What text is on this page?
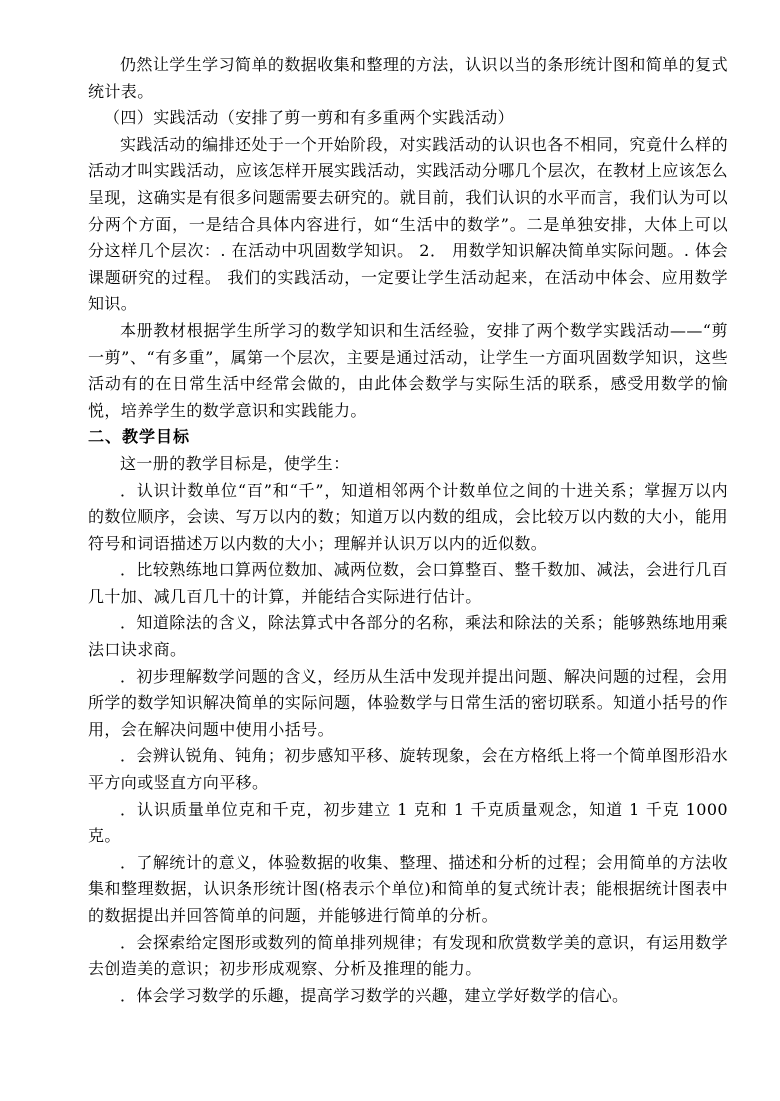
仍然让学生学习简单的数据收集和整理的方法，认识以当的条形统计图和简单的复式统计表。

（四）实践活动（安排了剪一剪和有多重两个实践活动）

实践活动的编排还处于一个开始阶段，对实践活动的认识也各不相同，究竟什么样的活动才叫实践活动，应该怎样开展实践活动，实践活动分哪几个层次，在教材上应该怎么呈现，这确实是有很多问题需要去研究的。就目前，我们认识的水平而言，我们认为可以分两个方面，一是结合具体内容进行，如“生活中的数学”。二是单独安排，大体上可以分这样几个层次：. 在活动中巩固数学知识。 2． 用数学知识解决简单实际问题。. 体会课题研究的过程。 我们的实践活动，一定要让学生活动起来，在活动中体会、应用数学知识。

本册教材根据学生所学习的数学知识和生活经验，安排了两个数学实践活动——“剪一剪”、“有多重”，属第一个层次，主要是通过活动，让学生一方面巩固数学知识，这些活动有的在日常生活中经常会做的，由此体会数学与实际生活的联系，感受用数学的愉悦，培养学生的数学意识和实践能力。

二、教学目标

这一册的教学目标是，使学生：

．认识计数单位“百”和“千”，知道相邻两个计数单位之间的十进关系；掌握万以内的数位顺序，会读、写万以内的数；知道万以内数的组成，会比较万以内数的大小，能用符号和词语描述万以内数的大小；理解并认识万以内的近似数。

．比较熟练地口算两位数加、减两位数，会口算整百、整千数加、减法，会进行几百几十加、减几百几十的计算，并能结合实际进行估计。

．知道除法的含义，除法算式中各部分的名称，乘法和除法的关系；能够熟练地用乘法口诀求商。

．初步理解数学问题的含义，经历从生活中发现并提出问题、解决问题的过程，会用所学的数学知识解决简单的实际问题，体验数学与日常生活的密切联系。知道小括号的作用，会在解决问题中使用小括号。

．会辨认锐角、钝角；初步感知平移、旋转现象，会在方格纸上将一个简单图形沿水平方向或竖直方向平移。

．认识质量单位克和千克，初步建立 1 克和 1 千克质量观念，知道 1 千克 1000 克。

．了解统计的意义，体验数据的收集、整理、描述和分析的过程；会用简单的方法收集和整理数据，认识条形统计图(格表示个单位)和简单的复式统计表；能根据统计图表中的数据提出并回答简单的问题，并能够进行简单的分析。

．会探索给定图形或数列的简单排列规律；有发现和欣赏数学美的意识，有运用数学去创造美的意识；初步形成观察、分析及推理的能力。

．体会学习数学的乐趣，提高学习数学的兴趣，建立学好数学的信心。
